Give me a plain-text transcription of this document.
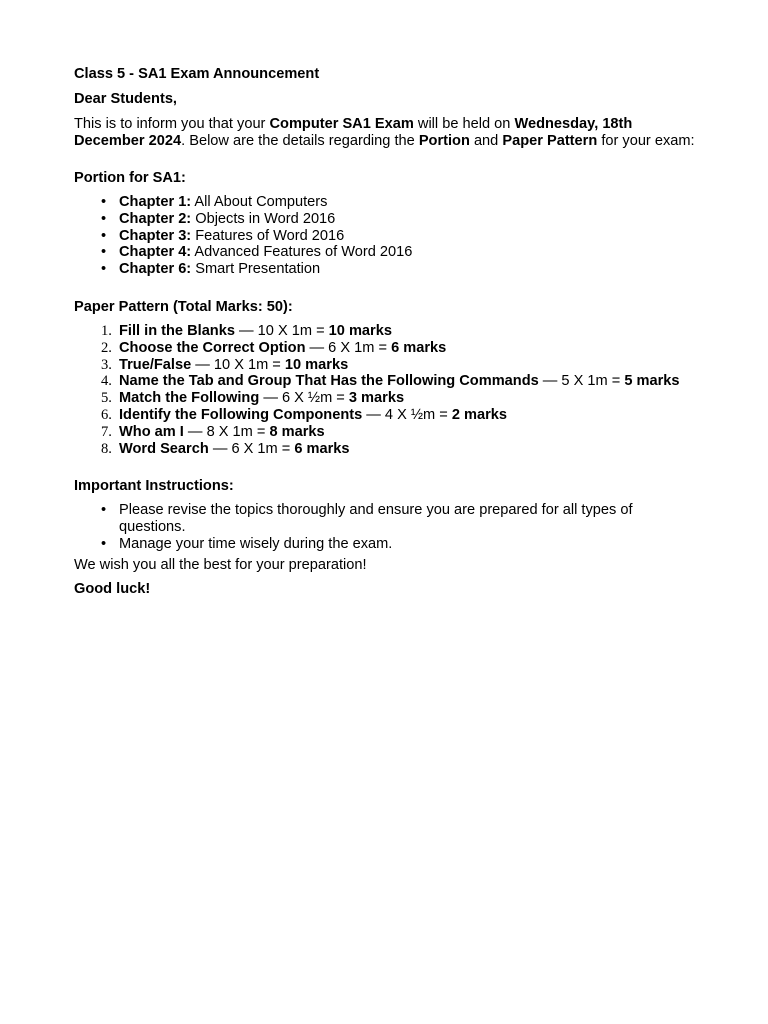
Class 5 - SA1 Exam Announcement

Dear Students,

This is to inform you that your Computer SA1 Exam will be held on Wednesday, 18th December 2024. Below are the details regarding the Portion and Paper Pattern for your exam:

Portion for SA1:

• Chapter 1: All About Computers
• Chapter 2: Objects in Word 2016
• Chapter 3: Features of Word 2016
• Chapter 4: Advanced Features of Word 2016
• Chapter 6: Smart Presentation

Paper Pattern (Total Marks: 50):

1. Fill in the Blanks — 10 X 1m = 10 marks
2. Choose the Correct Option — 6 X 1m = 6 marks
3. True/False — 10 X 1m = 10 marks
4. Name the Tab and Group That Has the Following Commands — 5 X 1m = 5 marks
5. Match the Following — 6 X ½m = 3 marks
6. Identify the Following Components — 4 X ½m = 2 marks
7. Who am I — 8 X 1m = 8 marks
8. Word Search — 6 X 1m = 6 marks

Important Instructions:

• Please revise the topics thoroughly and ensure you are prepared for all types of questions.
• Manage your time wisely during the exam.

We wish you all the best for your preparation!

Good luck!
